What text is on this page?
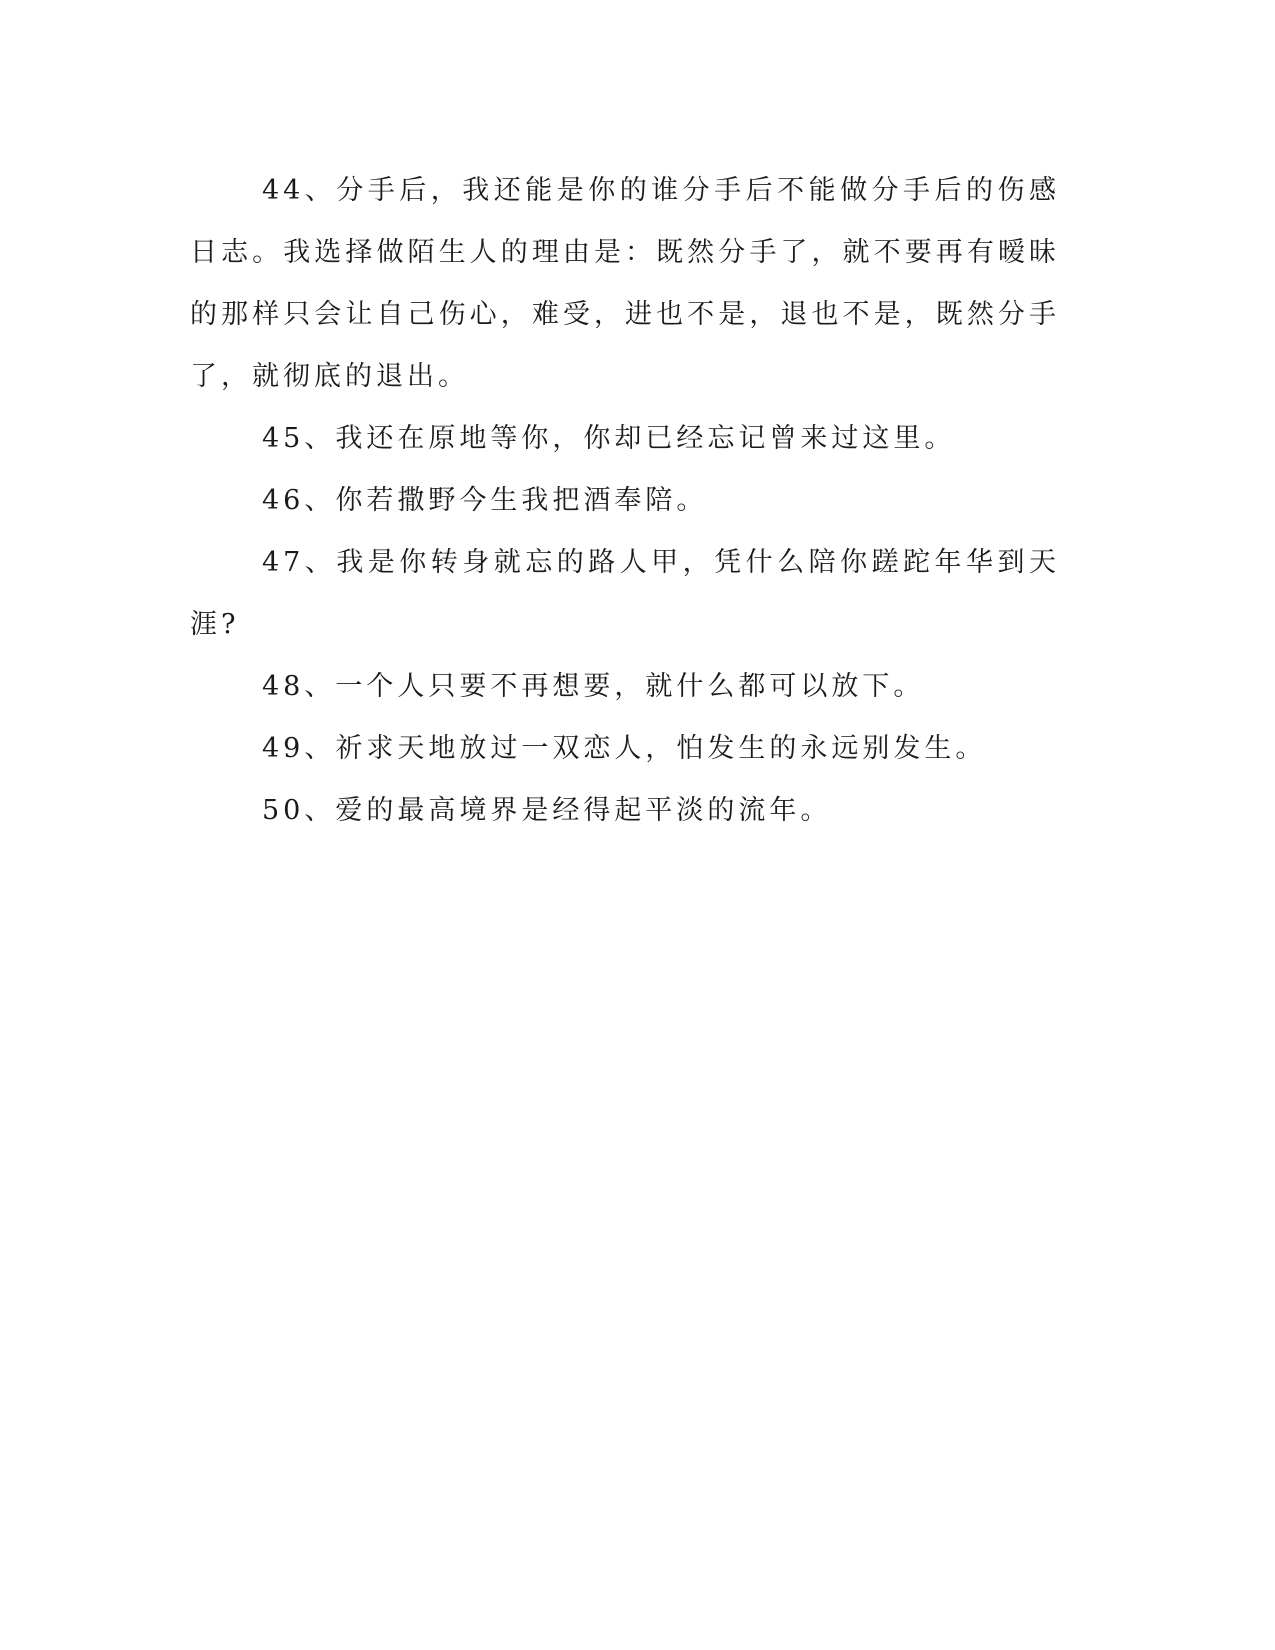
44、分手后，我还能是你的谁分手后不能做分手后的伤感日志。我选择做陌生人的理由是：既然分手了，就不要再有暧昧的那样只会让自己伤心，难受，进也不是，退也不是，既然分手了，就彻底的退出。

45、我还在原地等你，你却已经忘记曾来过这里。

46、你若撒野今生我把酒奉陪。

47、我是你转身就忘的路人甲，凭什么陪你蹉跎年华到天涯?

48、一个人只要不再想要，就什么都可以放下。

49、祈求天地放过一双恋人，怕发生的永远别发生。

50、爱的最高境界是经得起平淡的流年。
